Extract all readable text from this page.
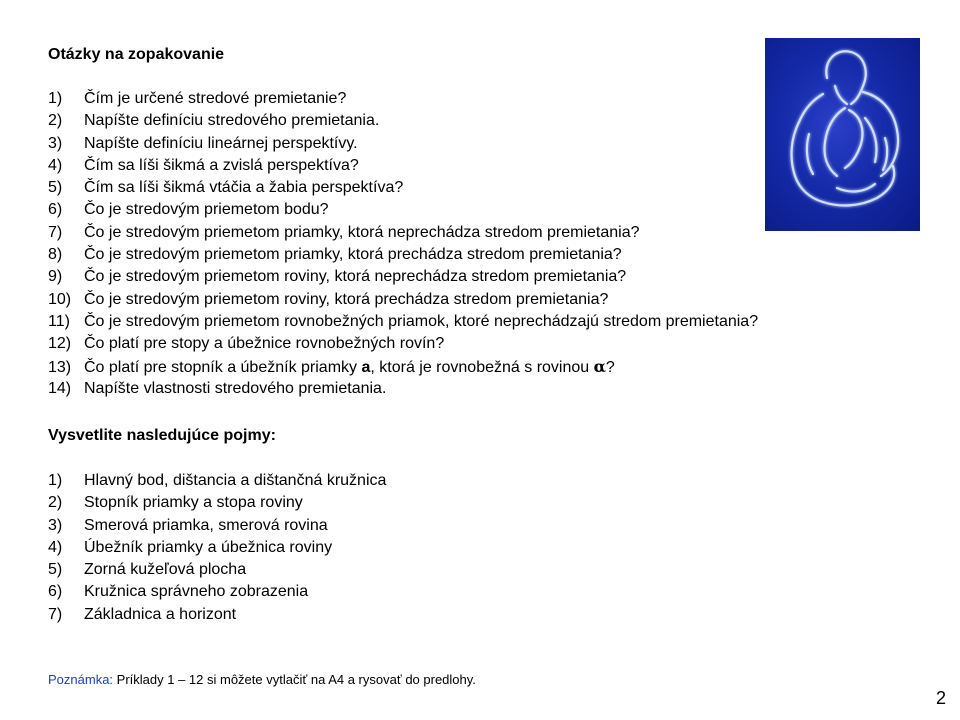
Otázky na zopakovanie
1) Čím je určené stredové premietanie?
2) Napíšte definíciu stredového premietania.
3) Napíšte definíciu lineárnej perspektívy.
4) Čím sa líši šikmá a zvislá perspektíva?
5) Čím sa líši šikmá vtáčia a žabia perspektíva?
6) Čo je stredovým priemetom bodu?
7) Čo je stredovým priemetom priamky, ktorá neprechádza stredom premietania?
8) Čo je stredovým priemetom priamky, ktorá prechádza stredom premietania?
9) Čo je stredovým priemetom roviny, ktorá neprechádza stredom premietania?
10) Čo je stredovým priemetom roviny, ktorá prechádza stredom premietania?
11) Čo je stredovým priemetom rovnobežných priamok, ktoré neprechádzajú stredom premietania?
12) Čo platí pre stopy a úbežnice rovnobežných rovín?
13) Čo platí pre stopník a úbežník priamky a, ktorá je rovnobežná s rovinou α?
14) Napíšte vlastnosti stredového premietania.
Vysvetlite nasledujúce pojmy:
1) Hlavný bod, dištancia a dištančná kružnica
2) Stopník priamky a stopa roviny
3) Smerová priamka, smerová rovina
4) Úbežník priamky a úbežnica roviny
5) Zorná kužeľová plocha
6) Kružnica správneho zobrazenia
7) Základnica a horizont
Poznámka: Príklady 1 – 12 si môžete vytlačiť na A4 a rysovať do predlohy.
2
